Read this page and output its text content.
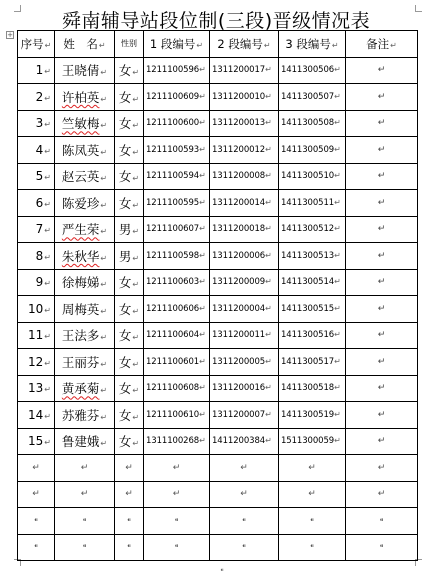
+
舜南辅导站段位制(三段)晋级情况表
序号↵	姓　名↵	性别	1 段编号↵	2 段编号↵	3 段编号↵	备注↵
1↵	王晓倩↵	女↵	1211100596↵	1311200017↵	1411300506↵	↵
2↵	许柏英↵	女↵	1211100609↵	1311200010↵	1411300507↵	↵
3↵	竺敏梅↵	女↵	1211100600↵	1311200013↵	1411300508↵	↵
4↵	陈凤英↵	女↵	1211100593↵	1311200012↵	1411300509↵	↵
5↵	赵云英↵	女↵	1211100594↵	1311200008↵	1411300510↵	↵
6↵	陈爱珍↵	女↵	1211100595↵	1311200014↵	1411300511↵	↵
7↵	严生荣↵	男↵	1211100607↵	1311200018↵	1411300512↵	↵
8↵	朱秋华↵	男↵	1211100598↵	1311200006↵	1411300513↵	↵
9↵	徐梅娣↵	女↵	1211100603↵	1311200009↵	1411300514↵	↵
10↵	周梅英↵	女↵	1211100606↵	1311200004↵	1411300515↵	↵
11↵	王法多↵	女↵	1211100604↵	1311200011↵	1411300516↵	↵
12↵	王丽芬↵	女↵	1211100601↵	1311200005↵	1411300517↵	↵
13↵	黄承菊↵	女↵	1211100608↵	1311200016↵	1411300518↵	↵
14↵	苏雅芬↵	女↵	1211100610↵	1311200007↵	1411300519↵	↵
15↵	鲁建娥↵	女↵	1311100268↵	1411200384↵	1511300059↵	↵
↵	↵	↵	↵	↵	↵	↵
↵	↵	↵	↵	↵	↵	↵
⁌	⁌	⁌	⁌	⁌	⁌	⁌
⁌	⁌	⁌	⁌	⁌	⁌	⁌
⁌
